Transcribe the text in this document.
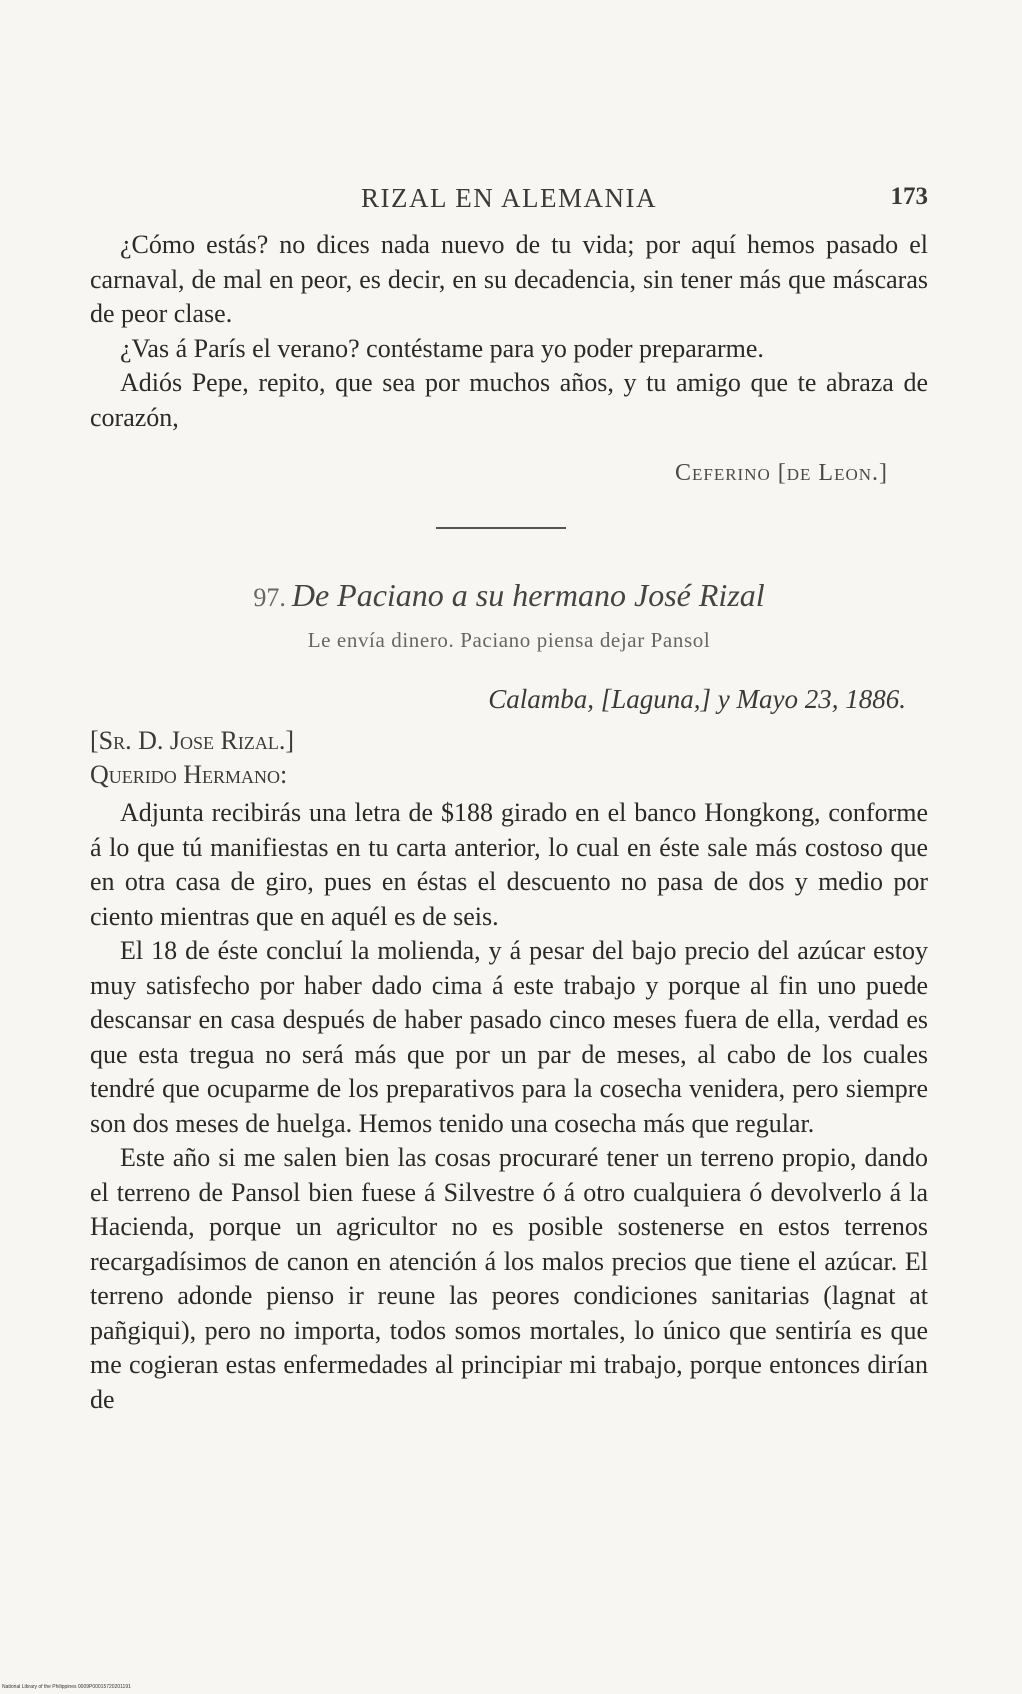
RIZAL EN ALEMANIA	173

¿Cómo estás? no dices nada nuevo de tu vida; por aquí hemos pasado el carnaval, de mal en peor, es decir, en su decadencia, sin tener más que máscaras de peor clase.

¿Vas á París el verano? contéstame para yo poder prepararme.

Adiós Pepe, repito, que sea por muchos años, y tu amigo que te abraza de corazón,

Ceferino [de Leon.]
97. De Paciano a su hermano José Rizal
Le envía dinero. Paciano piensa dejar Pansol
Calamba, [Laguna,] y Mayo 23, 1886.
[Sr. D. Jose Rizal.]
Querido Hermano:

Adjunta recibirás una letra de $188 girado en el banco Hongkong, conforme á lo que tú manifiestas en tu carta anterior, lo cual en éste sale más costoso que en otra casa de giro, pues en éstas el descuento no pasa de dos y medio por ciento mientras que en aquél es de seis.

El 18 de éste concluí la molienda, y á pesar del bajo precio del azúcar estoy muy satisfecho por haber dado cima á este trabajo y porque al fin uno puede descansar en casa después de haber pasado cinco meses fuera de ella, verdad es que esta tregua no será más que por un par de meses, al cabo de los cuales tendré que ocuparme de los preparativos para la cosecha venidera, pero siempre son dos meses de huelga. Hemos tenido una cosecha más que regular.

Este año si me salen bien las cosas procuraré tener un terreno propio, dando el terreno de Pansol bien fuese á Silvestre ó á otro cualquiera ó devolverlo á la Hacienda, porque un agricultor no es posible sostenerse en estos terrenos recargadísimos de canon en atención á los malos precios que tiene el azúcar. El terreno adonde pienso ir reune las peores condiciones sanitarias (lagnat at pañgiqui), pero no importa, todos somos mortales, lo único que sentiría es que me cogieran estas enfermedades al principiar mi trabajo, porque entonces dirían de

National Library of the Philippines 0009P00015720201191
